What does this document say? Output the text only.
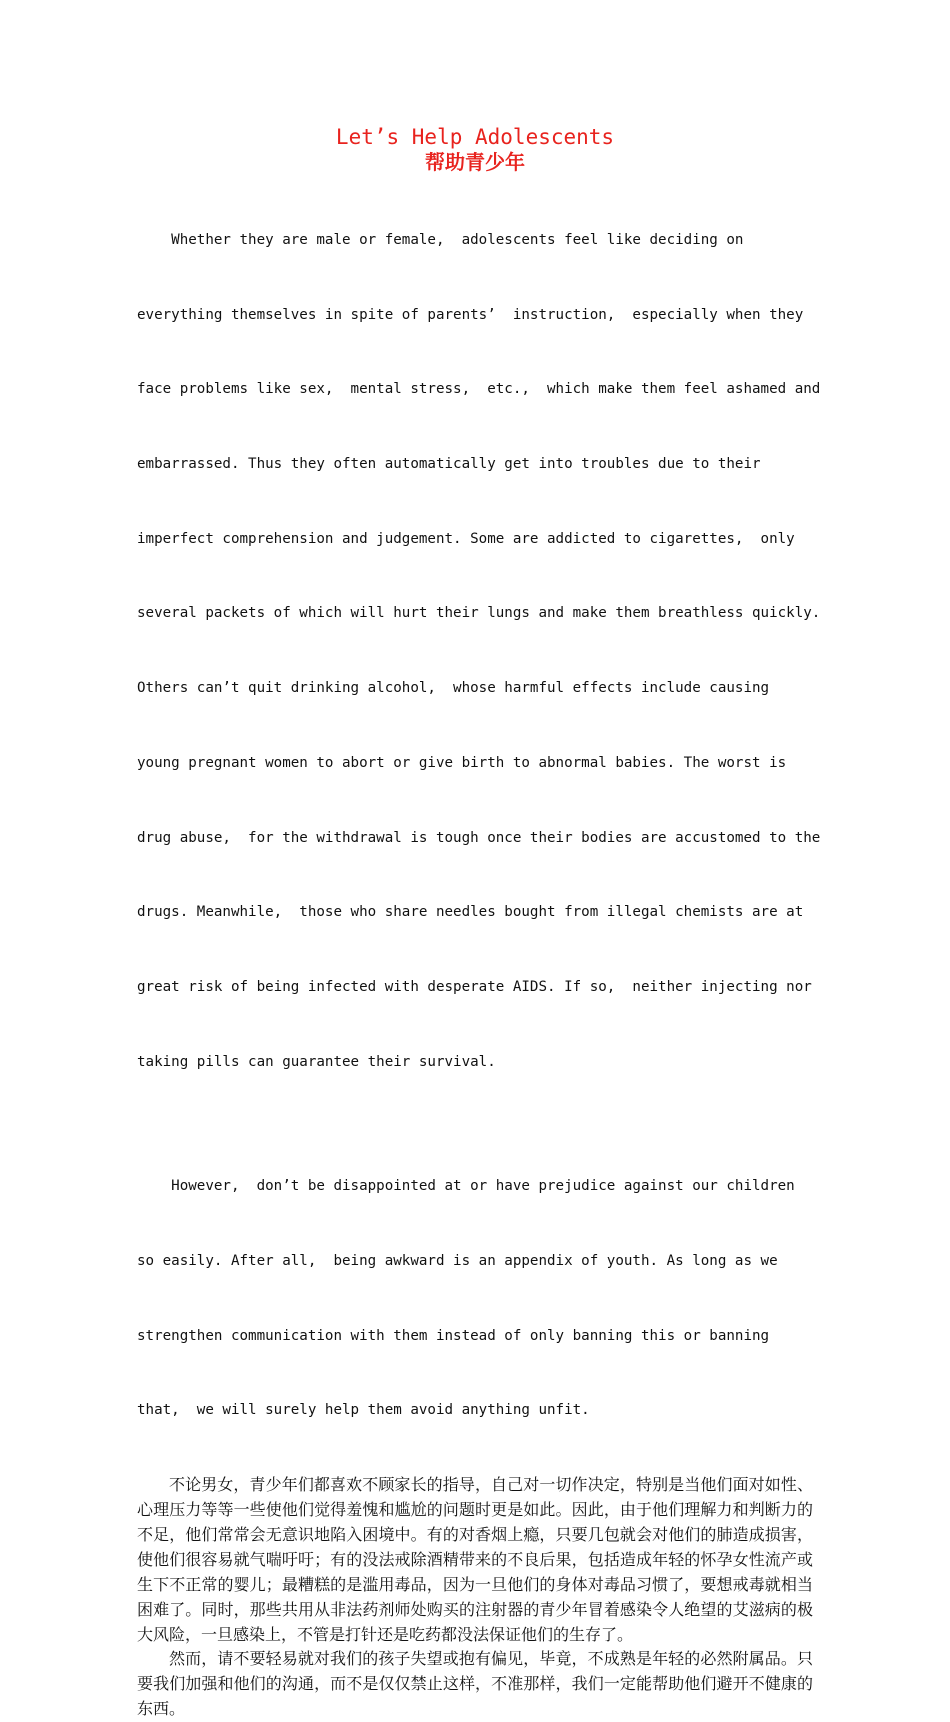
Let’s Help Adolescents
帮助青少年

Whether they are male or female,  adolescents feel like deciding on

everything themselves in spite of parents’  instruction,  especially when they

face problems like sex,  mental stress,  etc.,  which make them feel ashamed and

embarrassed. Thus they often automatically get into troubles due to their

imperfect comprehension and judgement. Some are addicted to cigarettes,  only

several packets of which will hurt their lungs and make them breathless quickly.

Others can’t quit drinking alcohol,  whose harmful effects include causing

young pregnant women to abort or give birth to abnormal babies. The worst is

drug abuse,  for the withdrawal is tough once their bodies are accustomed to the

drugs. Meanwhile,  those who share needles bought from illegal chemists are at

great risk of being infected with desperate AIDS. If so,  neither injecting nor

taking pills can guarantee their survival.

However,  don’t be disappointed at or have prejudice against our children

so easily. After all,  being awkward is an appendix of youth. As long as we

strengthen communication with them instead of only banning this or banning

that,  we will surely help them avoid anything unfit.

不论男女，青少年们都喜欢不顾家长的指导，自己对一切作决定，特别是当他们面对如性、心理压力等等一些使他们觉得羞愧和尴尬的问题时更是如此。因此，由于他们理解力和判断力的不足，他们常常会无意识地陷入困境中。有的对香烟上瘾，只要几包就会对他们的肺造成损害，使他们很容易就气喘吁吁；有的没法戒除酒精带来的不良后果，包括造成年轻的怀孕女性流产或生下不正常的婴儿；最糟糕的是滥用毒品，因为一旦他们的身体对毒品习惯了，要想戒毒就相当困难了。同时，那些共用从非法药剂师处购买的注射器的青少年冒着感染令人绝望的艾滋病的极大风险，一旦感染上，不管是打针还是吃药都没法保证他们的生存了。

然而，请不要轻易就对我们的孩子失望或抱有偏见，毕竟，不成熟是年轻的必然附属品。只要我们加强和他们的沟通，而不是仅仅禁止这样，不准那样，我们一定能帮助他们避开不健康的东西。
